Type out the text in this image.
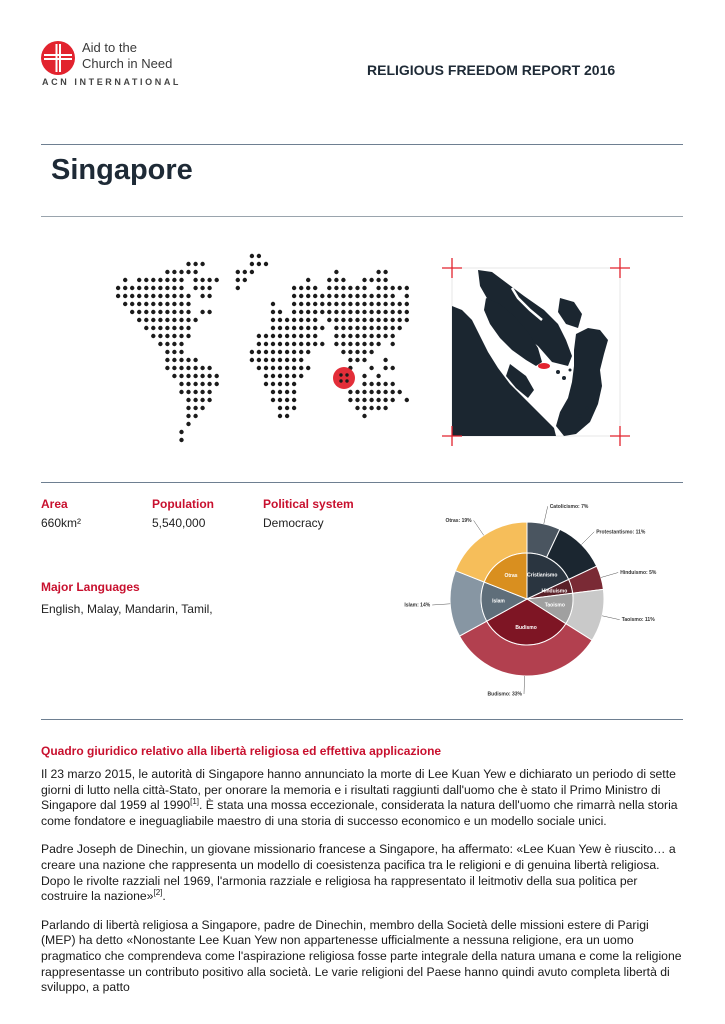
Aid to the
Church in Need
ACN INTERNATIONAL
RELIGIOUS FREEDOM REPORT 2016
Singapore
Area
660km²
Population
5,540,000
Political system
Democracy
Major Languages
English, Malay, Mandarin, Tamil,
Catolicismo: 7%
Protestantismo: 11%
Hinduismo: 5%
Taoismo: 11%
Budismo: 33%
Islam: 14%
Otras: 19%
Cristianismo
Hinduismo
Taoismo
Budismo
Islam
Otras
Quadro giuridico relativo alla libertà religiosa ed effettiva applicazione

Il 23 marzo 2015, le autorità di Singapore hanno annunciato la morte di Lee Kuan Yew e dichiarato un periodo di sette giorni di lutto nella città-Stato, per onorare la memoria e i risultati raggiunti dall'uomo che è stato il Primo Ministro di Singapore dal 1959 al 1990[1]. È stata una mossa eccezionale, considerata la natura dell'uomo che rimarrà nella storia come fondatore e ineguagliabile maestro di una storia di successo economico e un modello sociale unici.

Padre Joseph de Dinechin, un giovane missionario francese a Singapore, ha affermato: «Lee Kuan Yew è riuscito… a creare una nazione che rappresenta un modello di coesistenza pacifica tra le religioni e di genuina libertà religiosa. Dopo le rivolte razziali nel 1969, l'armonia razziale e religiosa ha rappresentato il leitmotiv della sua politica per costruire la nazione»[2].

Parlando di libertà religiosa a Singapore, padre de Dinechin, membro della Società delle missioni estere di Parigi (MEP) ha detto «Nonostante Lee Kuan Yew non appartenesse ufficialmente a nessuna religione, era un uomo pragmatico che comprendeva come l'aspirazione religiosa fosse parte integrale della natura umana e come la religione rappresentasse un contributo positivo alla società. Le varie religioni del Paese hanno quindi avuto completa libertà di sviluppo, a patto
